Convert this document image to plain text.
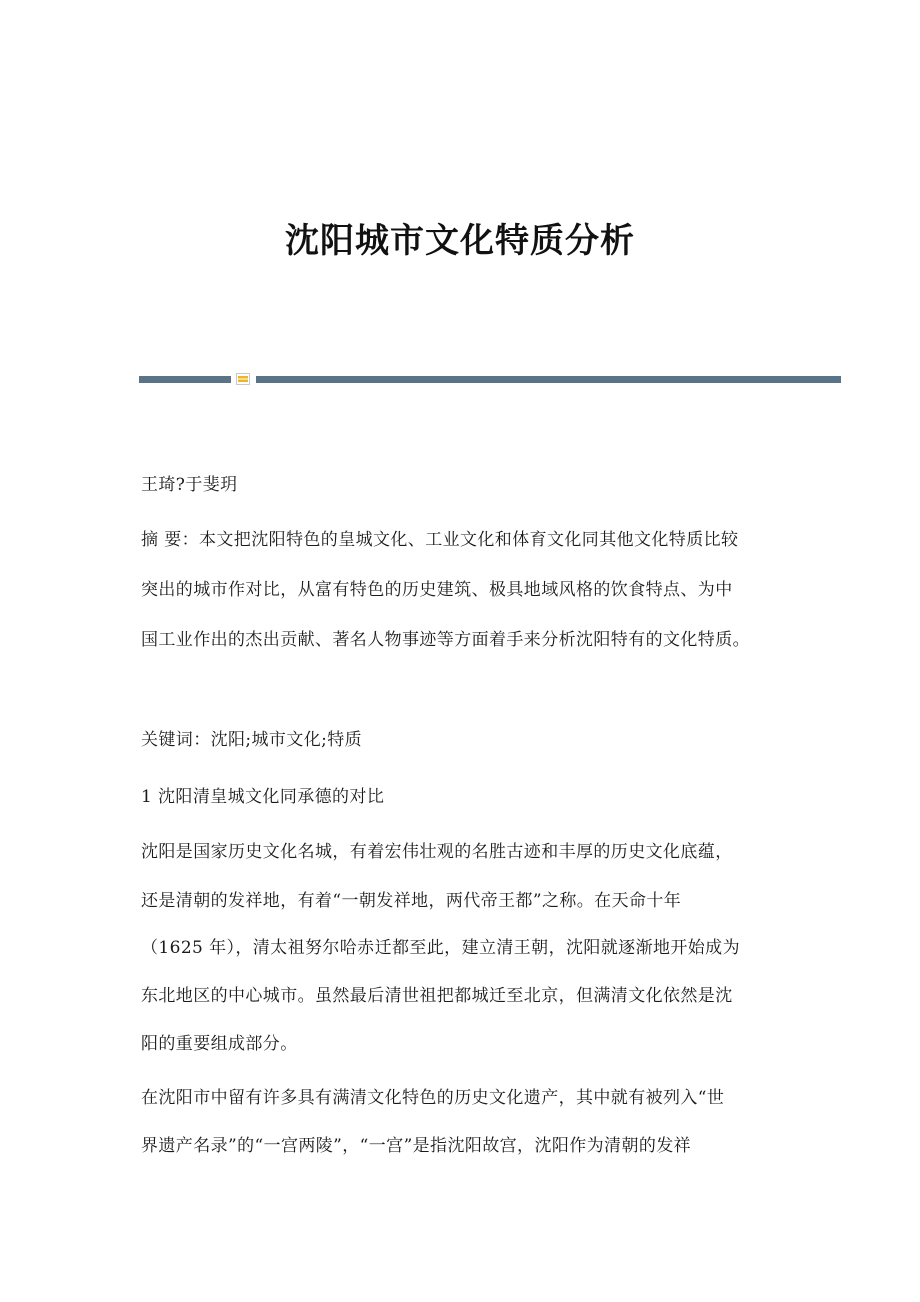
沈阳城市文化特质分析
王琦?于斐玥
摘 要：本文把沈阳特色的皇城文化、工业文化和体育文化同其他文化特质比较
突出的城市作对比，从富有特色的历史建筑、极具地域风格的饮食特点、为中
国工业作出的杰出贡献、著名人物事迹等方面着手来分析沈阳特有的文化特质。
关键词：沈阳;城市文化;特质
1 沈阳清皇城文化同承德的对比
沈阳是国家历史文化名城，有着宏伟壮观的名胜古迹和丰厚的历史文化底蕴，
还是清朝的发祥地，有着“一朝发祥地，两代帝王都”之称。在天命十年
（1625 年），清太祖努尔哈赤迁都至此，建立清王朝，沈阳就逐渐地开始成为
东北地区的中心城市。虽然最后清世祖把都城迁至北京，但满清文化依然是沈
阳的重要组成部分。
在沈阳市中留有许多具有满清文化特色的历史文化遗产，其中就有被列入“世
界遗产名录”的“一宫两陵”，“一宫”是指沈阳故宫，沈阳作为清朝的发祥
